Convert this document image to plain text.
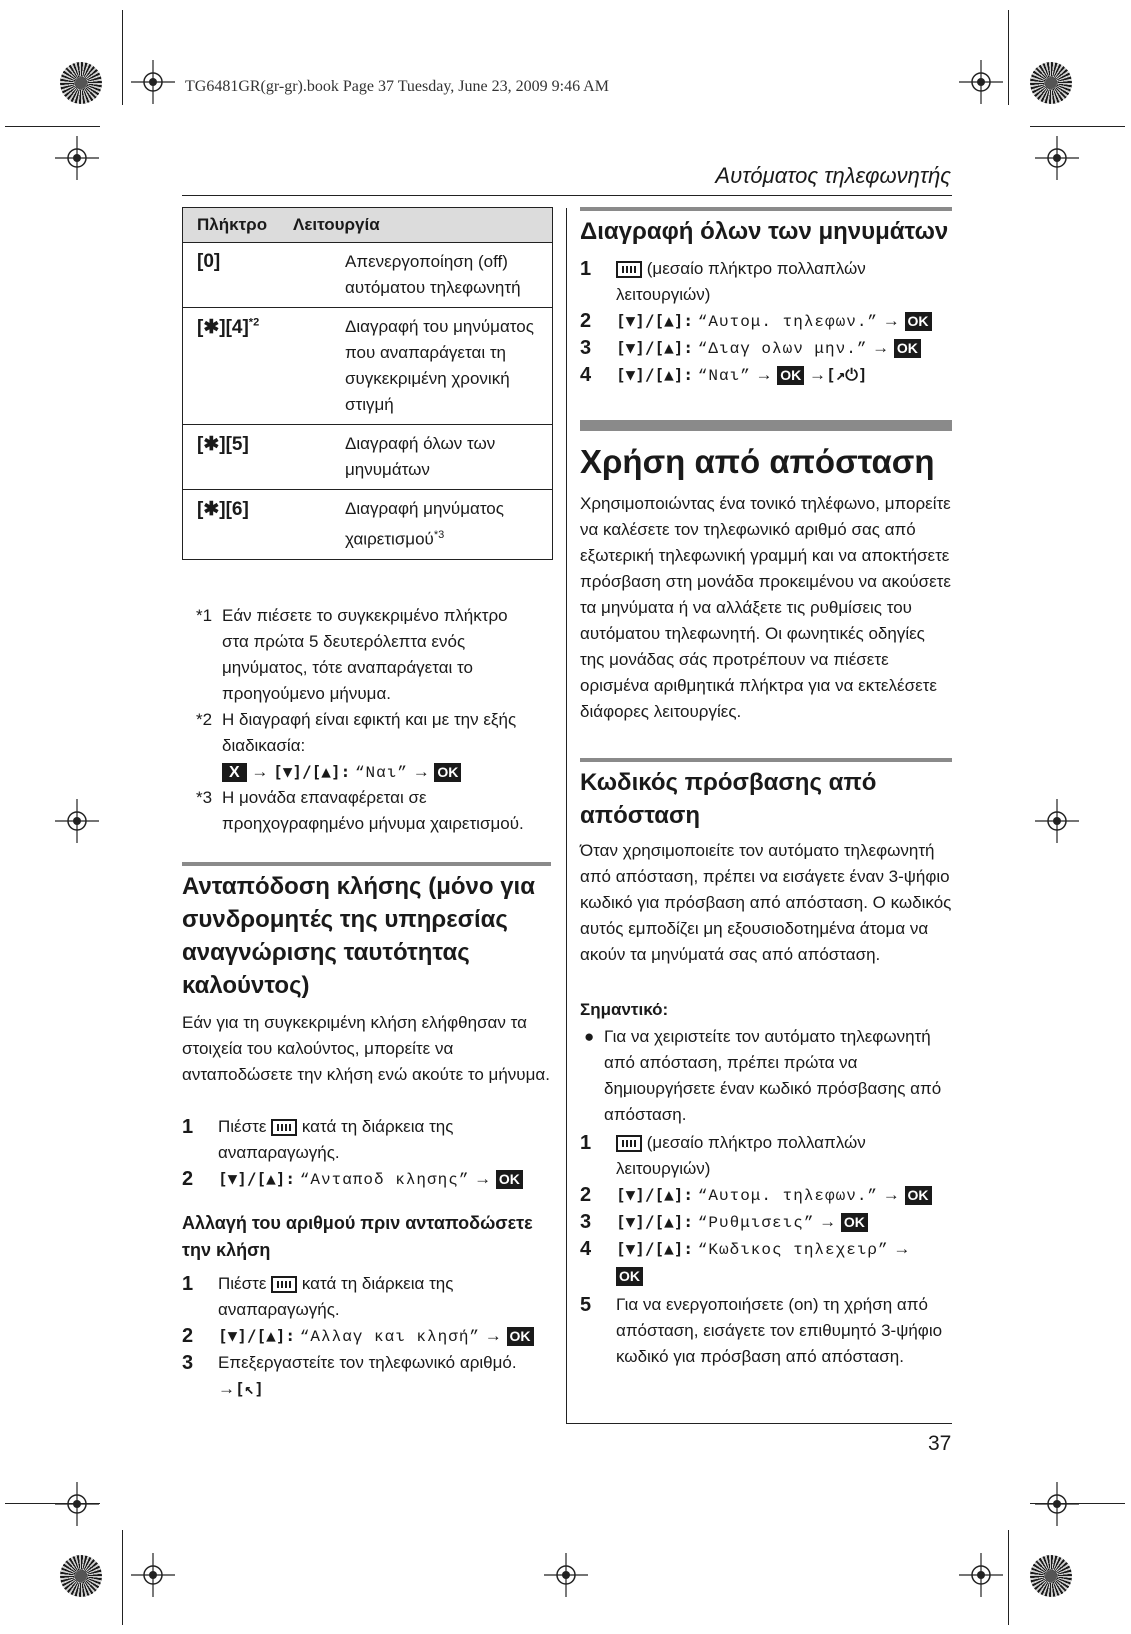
TG6481GR(gr-gr).book Page 37 Tuesday, June 23, 2009 9:46 AM
Αυτόματος τηλεφωνητής
37
Πλήκτρο Λειτουργία
[0]	Απενεργοποίηση (off) αυτόματου τηλεφωνητή
$[✱][4]^{*2}$	Διαγραφή του μηνύματος που αναπαράγεται τη συγκεκριμένη χρονική στιγμή
[✱][5]	Διαγραφή όλων των μηνυμάτων
[✱][6]	Διαγραφή μηνύματος χαιρετισμού$^{*3}$
*1 Εάν πιέσετε το συγκεκριμένο πλήκτρο στα πρώτα 5 δευτερόλεπτα ενός μηνύματος, τότε αναπαράγεται το προηγούμενο μήνυμα.
*2 Η διαγραφή είναι εφικτή και με την εξής διαδικασία:
X → [▼]/[▲]: “Ναι” → OK
*3 Η μονάδα επαναφέρεται σε προηχογραφημένο μήνυμα χαιρετισμού.
Ανταπόδοση κλήσης (μόνο για συνδρομητές της υπηρεσίας αναγνώρισης ταυτότητας καλούντος)
Εάν για τη συγκεκριμένη κλήση ελήφθησαν τα στοιχεία του καλούντος, μπορείτε να ανταποδώσετε την κλήση ενώ ακούτε το μήνυμα.
1 Πιέστε κατά τη διάρκεια της αναπαραγωγής.
2 [▼]/[▲]: “Ανταποδ κλησης” → OK
Αλλαγή του αριθμού πριν ανταποδώσετε την κλήση
1 Πιέστε κατά τη διάρκεια της αναπαραγωγής.
2 [▼]/[▲]: “Αλλαγ και κλησή” → OK
3 Επεξεργαστείτε τον τηλεφωνικό αριθμό.
→[↖]
Διαγραφή όλων των μηνυμάτων
1	(μεσαίο πλήκτρο πολλαπλών λειτουργιών)
2 [▼]/[▲]: “Αυτομ. τηλεφων.” → OK
3 [▼]/[▲]: “Διαγ ολων μην.” → OK
4 [▼]/[▲]: “Ναι” → OK →[↗⏻]
Χρήση από απόσταση
Χρησιμοποιώντας ένα τονικό τηλέφωνο, μπορείτε να καλέσετε τον τηλεφωνικό αριθμό σας από εξωτερική τηλεφωνική γραμμή και να αποκτήσετε πρόσβαση στη μονάδα προκειμένου να ακούσετε τα μηνύματα ή να αλλάξετε τις ρυθμίσεις του αυτόματου τηλεφωνητή. Οι φωνητικές οδηγίες της μονάδας σάς προτρέπουν να πιέσετε ορισμένα αριθμητικά πλήκτρα για να εκτελέσετε διάφορες λειτουργίες.
Κωδικός πρόσβασης από απόσταση
Όταν χρησιμοποιείτε τον αυτόματο τηλεφωνητή από απόσταση, πρέπει να εισάγετε έναν 3-ψήφιο κωδικό για πρόσβαση από απόσταση. Ο κωδικός αυτός εμποδίζει μη εξουσιοδοτημένα άτομα να ακούν τα μηνύματά σας από απόσταση.
Σημαντικό:
● Για να χειριστείτε τον αυτόματο τηλεφωνητή από απόσταση, πρέπει πρώτα να δημιουργήσετε έναν κωδικό πρόσβασης από απόσταση.
1	(μεσαίο πλήκτρο πολλαπλών λειτουργιών)
2 [▼]/[▲]: “Αυτομ. τηλεφων.” → OK
3 [▼]/[▲]: “Ρυθμισεις” → OK
4 [▼]/[▲]: “Κωδικος τηλεχειρ” →
OK
5 Για να ενεργοποιήσετε (on) τη χρήση από απόσταση, εισάγετε τον επιθυμητό 3-ψήφιο κωδικό για πρόσβαση από απόσταση.
